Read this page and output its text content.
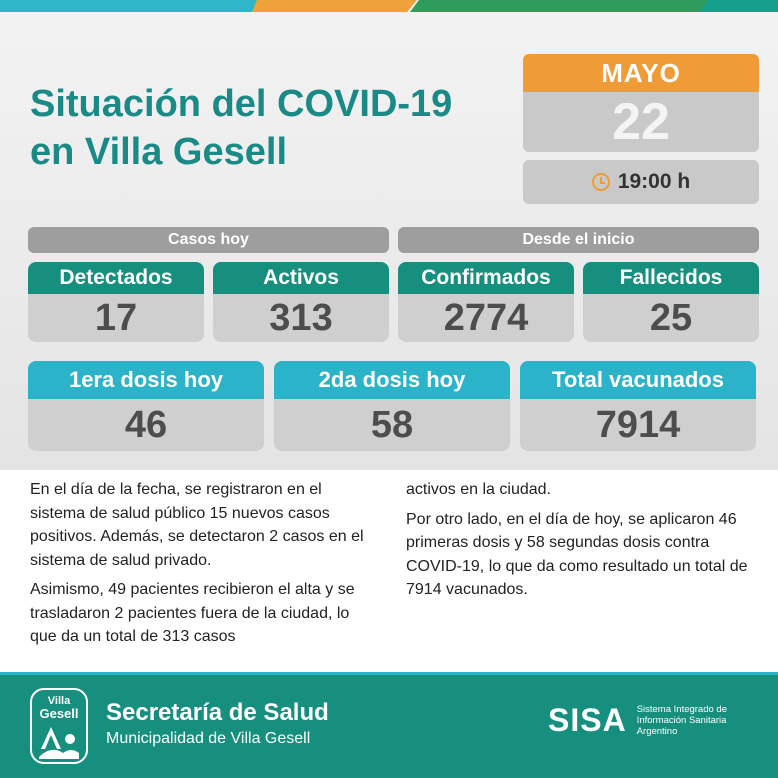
Situación del COVID-19
en Villa Gesell
MAYO
22
19:00 h
Casos hoy	Desde el inicio
Detectados
17
Activos
313
Confirmados
2774
Fallecidos
25
1era dosis hoy
46
2da dosis hoy
58
Total vacunados
7914

En el día de la fecha, se registraron en el sistema de salud público 15 nuevos casos positivos. Además, se detectaron 2 casos en el sistema de salud privado.

Asimismo, 49 pacientes recibieron el alta y se trasladaron 2 pacientes fuera de la ciudad, lo que da un total de 313 casos

activos en la ciudad.

Por otro lado, en el día de hoy, se aplicaron 46 primeras dosis y 58 segundas dosis contra COVID-19, lo que da como resultado un total de 7914 vacunados.

Villa
Gesell	Secretaría de Salud
Municipalidad de Villa Gesell
SISA Sistema Integrado de Información Sanitaria Argentino
